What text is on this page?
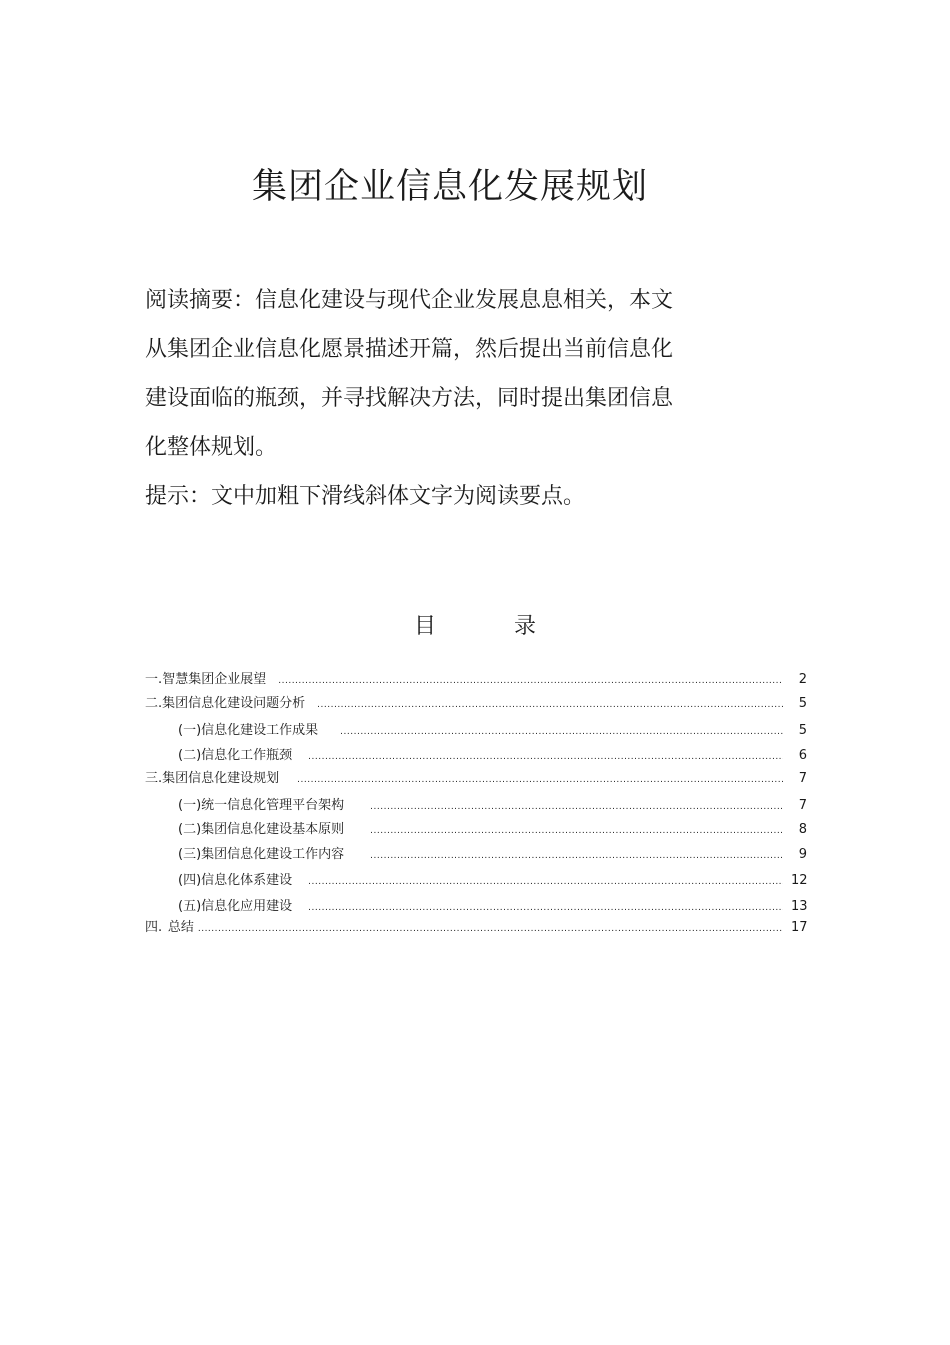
集团企业信息化发展规划

阅读摘要：信息化建设与现代企业发展息息相关，本文

从集团企业信息化愿景描述开篇，然后提出当前信息化

建设面临的瓶颈，并寻找解决方法，同时提出集团信息

化整体规划。

提示：文中加粗下滑线斜体文字为阅读要点。

目	录
一. 智慧集团企业展望 .....	2
二. 集团信息化建设问题分析 .....	5
(一)信息化建设工作成果 .....	5
(二)信息化工作瓶颈 .....	6
三. 集团信息化建设规划 .....	7
(一)统一信息化管理平台架构 .....	7
(二)集团信息化建设基本原则 .....	8
(三)集团信息化建设工作内容 .....	9
(四)信息化体系建设 .....	12
(五)信息化应用建设 .....	13
四. 总结 .....	17
